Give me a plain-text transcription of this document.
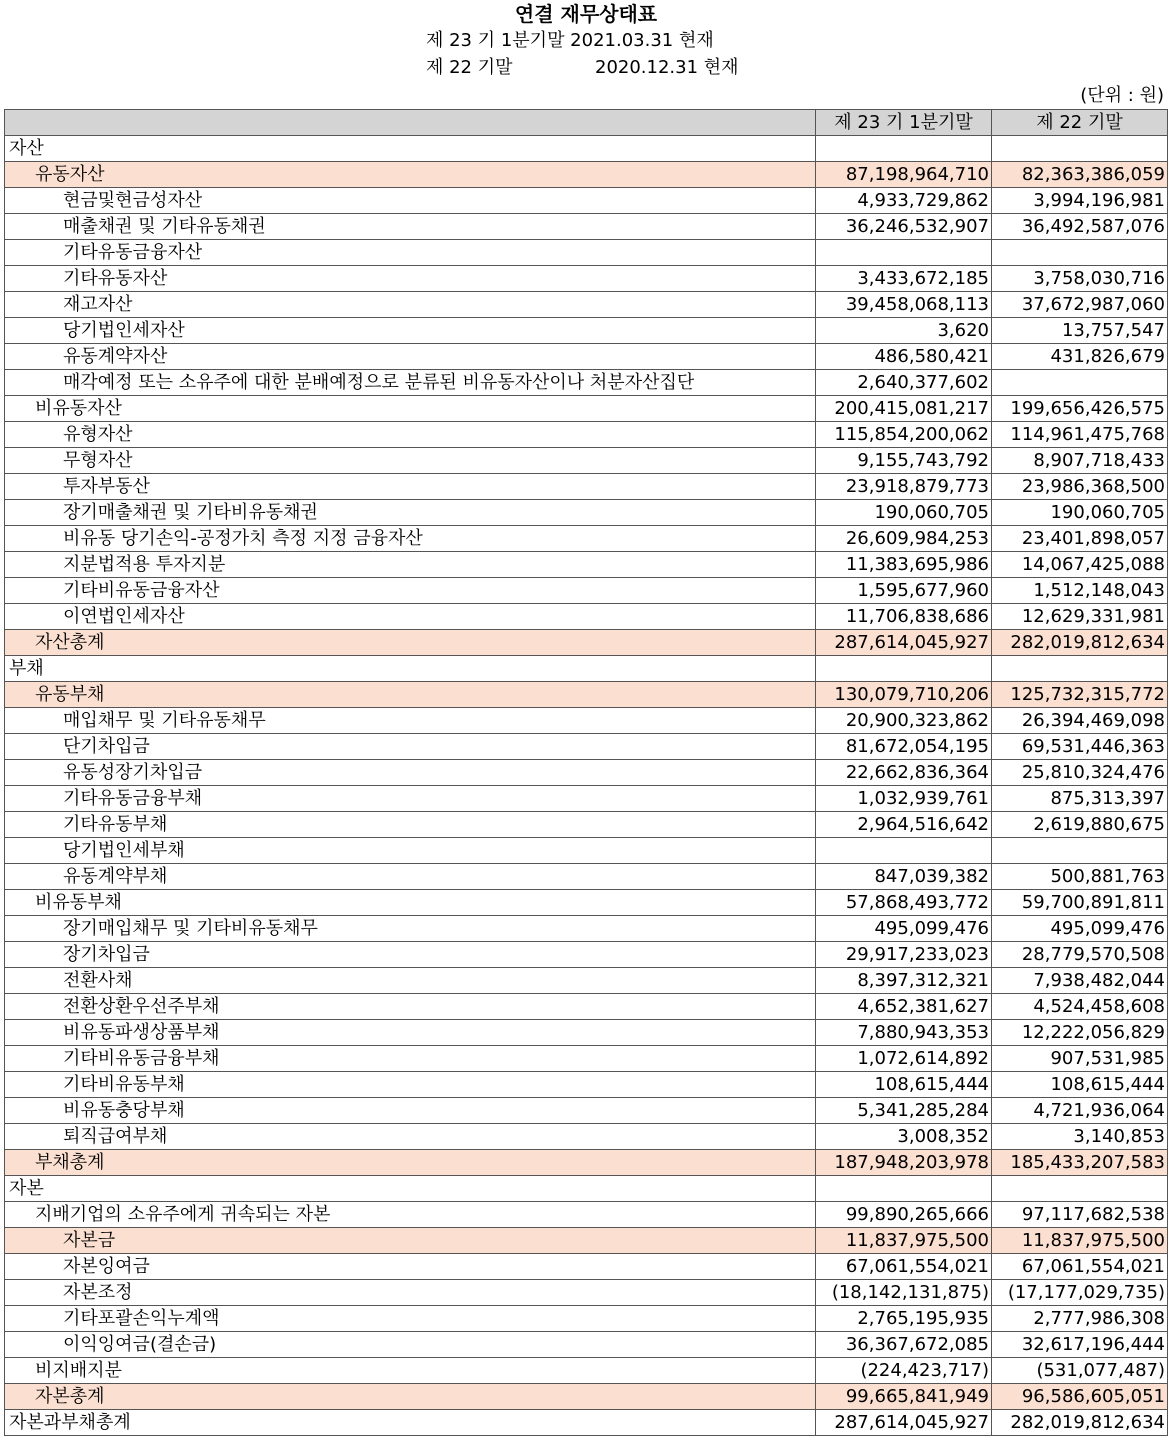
연결 재무상태표
제 23 기 1분기말 2021.03.31 현재
제 22 기말	2020.12.31 현재
(단위 : 원)
	제 23 기 1분기말	제 22 기말
자산		
유동자산	87,198,964,710	82,363,386,059
현금및현금성자산	4,933,729,862	3,994,196,981
매출채권 및 기타유동채권	36,246,532,907	36,492,587,076
기타유동금융자산		
기타유동자산	3,433,672,185	3,758,030,716
재고자산	39,458,068,113	37,672,987,060
당기법인세자산	3,620	13,757,547
유동계약자산	486,580,421	431,826,679
매각예정 또는 소유주에 대한 분배예정으로 분류된 비유동자산이나 처분자산집단	2,640,377,602	
비유동자산	200,415,081,217	199,656,426,575
유형자산	115,854,200,062	114,961,475,768
무형자산	9,155,743,792	8,907,718,433
투자부동산	23,918,879,773	23,986,368,500
장기매출채권 및 기타비유동채권	190,060,705	190,060,705
비유동 당기손익-공정가치 측정 지정 금융자산	26,609,984,253	23,401,898,057
지분법적용 투자지분	11,383,695,986	14,067,425,088
기타비유동금융자산	1,595,677,960	1,512,148,043
이연법인세자산	11,706,838,686	12,629,331,981
자산총계	287,614,045,927	282,019,812,634
부채		
유동부채	130,079,710,206	125,732,315,772
매입채무 및 기타유동채무	20,900,323,862	26,394,469,098
단기차입금	81,672,054,195	69,531,446,363
유동성장기차입금	22,662,836,364	25,810,324,476
기타유동금융부채	1,032,939,761	875,313,397
기타유동부채	2,964,516,642	2,619,880,675
당기법인세부채		
유동계약부채	847,039,382	500,881,763
비유동부채	57,868,493,772	59,700,891,811
장기매입채무 및 기타비유동채무	495,099,476	495,099,476
장기차입금	29,917,233,023	28,779,570,508
전환사채	8,397,312,321	7,938,482,044
전환상환우선주부채	4,652,381,627	4,524,458,608
비유동파생상품부채	7,880,943,353	12,222,056,829
기타비유동금융부채	1,072,614,892	907,531,985
기타비유동부채	108,615,444	108,615,444
비유동충당부채	5,341,285,284	4,721,936,064
퇴직급여부채	3,008,352	3,140,853
부채총계	187,948,203,978	185,433,207,583
자본		
지배기업의 소유주에게 귀속되는 자본	99,890,265,666	97,117,682,538
자본금	11,837,975,500	11,837,975,500
자본잉여금	67,061,554,021	67,061,554,021
자본조정	(18,142,131,875)	(17,177,029,735)
기타포괄손익누계액	2,765,195,935	2,777,986,308
이익잉여금(결손금)	36,367,672,085	32,617,196,444
비지배지분	(224,423,717)	(531,077,487)
자본총계	99,665,841,949	96,586,605,051
자본과부채총계	287,614,045,927	282,019,812,634
